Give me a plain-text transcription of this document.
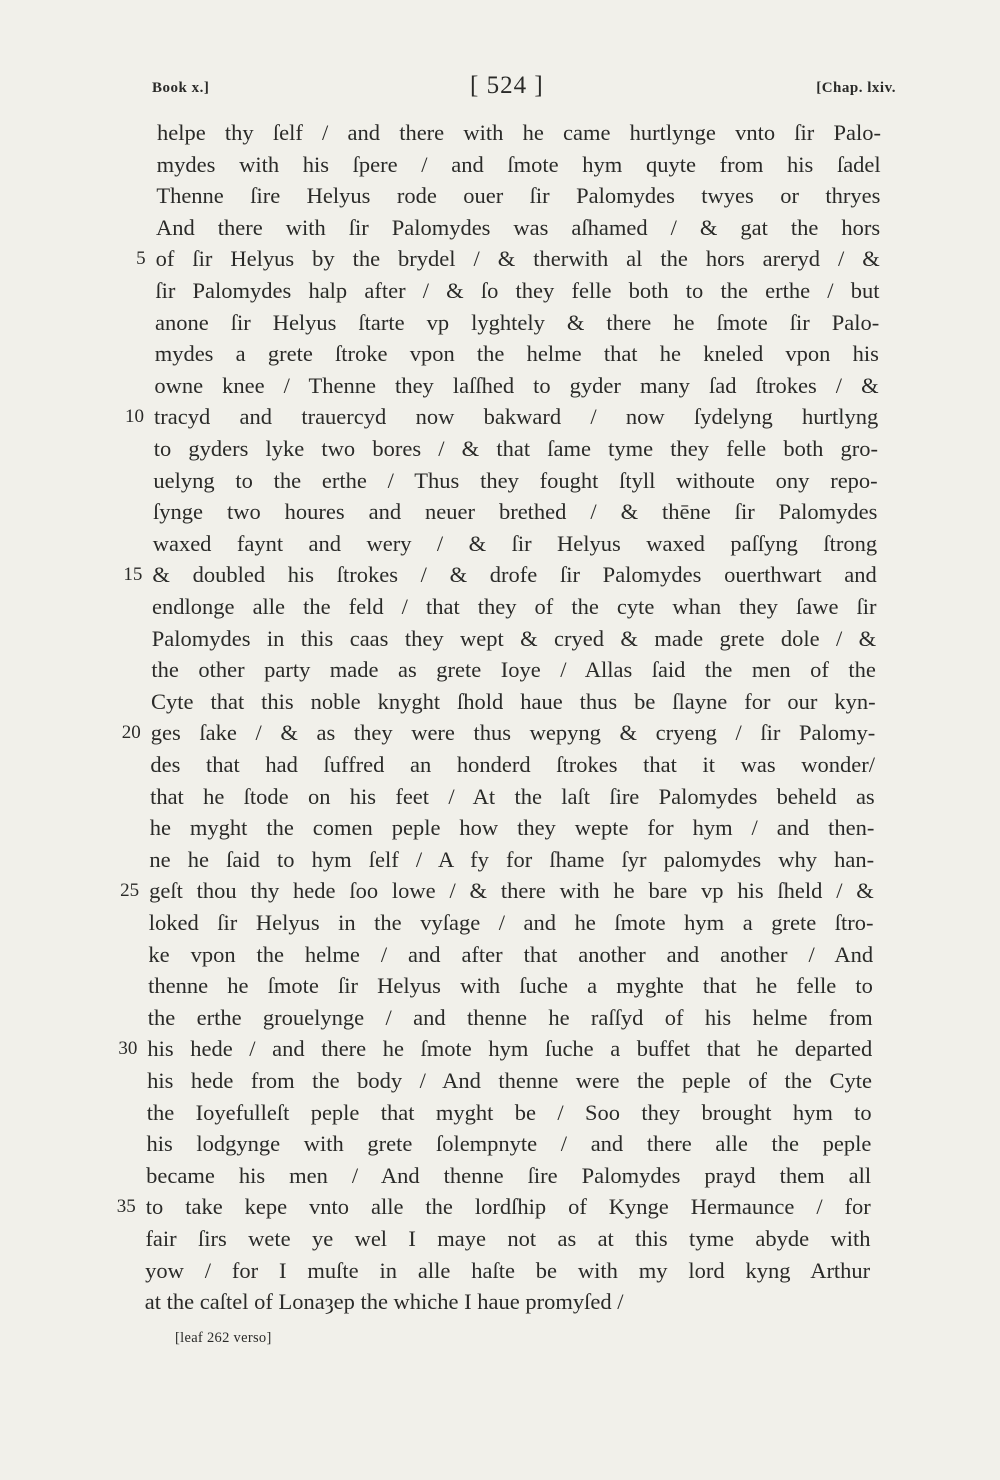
Book x.]	[ 524 ]	[Chap. lxiv.
helpe thy ſelf / and there with he came hurtlynge vnto ſir Palo-
mydes with his ſpere / and ſmote hym quyte from his ſadel
Thenne ſire Helyus rode ouer ſir Palomydes twyes or thryes
And there with ſir Palomydes was aſhamed / & gat the hors
of ſir Helyus by the brydel / & therwith al the hors areryd / &
ſir Palomydes halp after / & ſo they felle both to the erthe / but
anone ſir Helyus ſtarte vp lyghtely & there he ſmote ſir Palo-
mydes a grete ſtroke vpon the helme that he kneled vpon his
owne knee / Thenne they laſſhed to gyder many ſad ſtrokes / &
tracyd and trauercyd now bakward / now ſydelyng hurtlyng
to gyders lyke two bores / & that ſame tyme they felle both gro-
uelyng to the erthe / Thus they fought ſtyll withoute ony repo-
ſynge two houres and neuer brethed / & thēne ſir Palomydes
waxed faynt and wery / & ſir Helyus waxed paſſyng ſtrong
& doubled his ſtrokes / & drofe ſir Palomydes ouerthwart and
endlonge alle the feld / that they of the cyte whan they ſawe ſir
Palomydes in this caas they wept & cryed & made grete dole / &
the other party made as grete Ioye / Allas ſaid the men of the
Cyte that this noble knyght ſhold haue thus be ſlayne for our kyn-
ges ſake / & as they were thus wepyng & cryeng / ſir Palomy-
des that had ſuffred an honderd ſtrokes that it was wonder/
that he ſtode on his feet / At the laſt ſire Palomydes beheld as
he myght the comen peple how they wepte for hym / and then-
ne he ſaid to hym ſelf / A fy for ſhame ſyr palomydes why han-
geſt thou thy hede ſoo lowe / & there with he bare vp his ſheld / &
loked ſir Helyus in the vyſage / and he ſmote hym a grete ſtro-
ke vpon the helme / and after that another and another / And
thenne he ſmote ſir Helyus with ſuche a myghte that he felle to
the erthe grouelynge / and thenne he raſſyd of his helme from
his hede / and there he ſmote hym ſuche a buffet that he departed
his hede from the body / And thenne were the peple of the Cyte
the Ioyefulleſt peple that myght be / Soo they brought hym to
his lodgynge with grete ſolempnyte / and there alle the peple
became his men / And thenne ſire Palomydes prayd them all
to take kepe vnto alle the lordſhip of Kynge Hermaunce / for
fair ſirs wete ye wel I maye not as at this tyme abyde with
yow / for I muſte in alle haſte be with my lord kyng Arthur
at the caſtel of Lonaȝep the whiche I haue promyſed /
5
10
15
20
25
30
35
[leaf 262 verso]
